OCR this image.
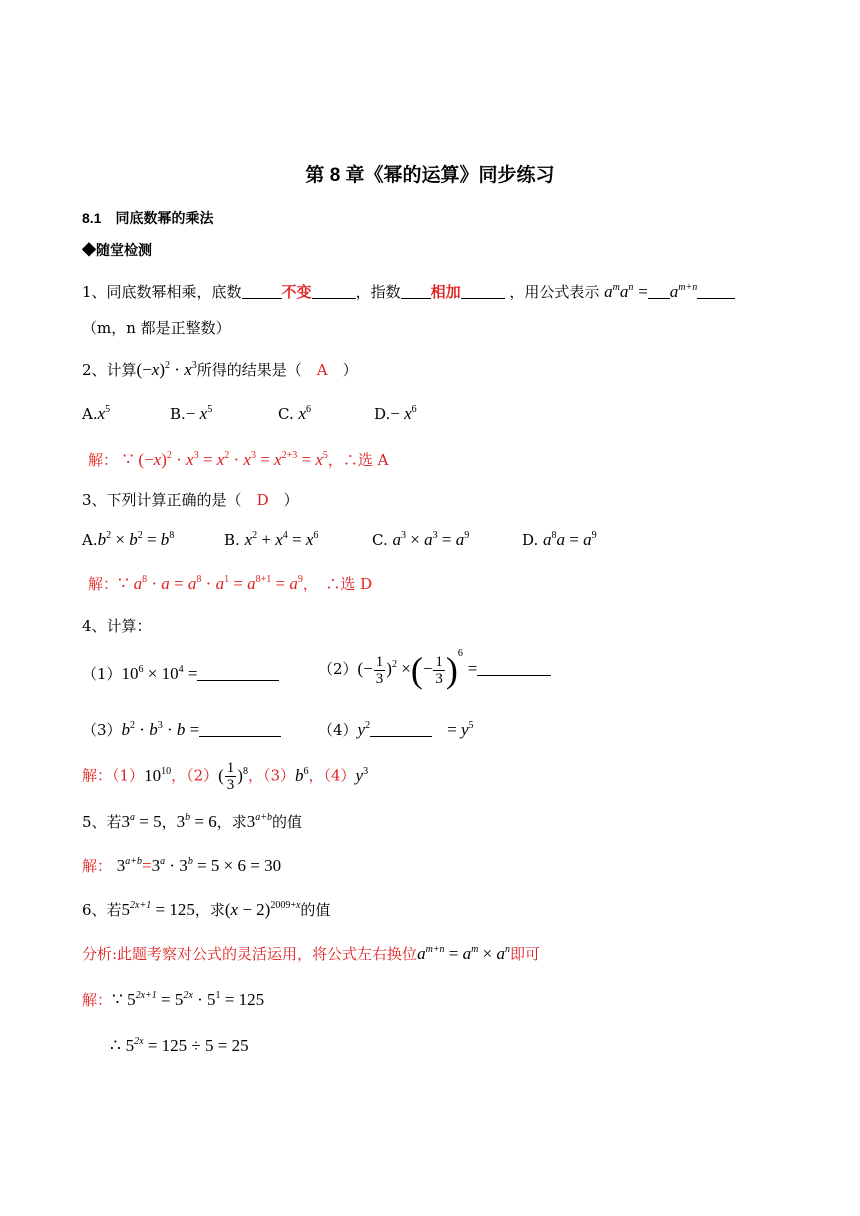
第 8 章《幂的运算》同步练习
8.1　同底数幂的乘法
◆随堂检测
1、同底数幂相乘，底数	不变	，指数 相加	，用公式表示 $a^ma^n = a^{m+n}$
（m，n 都是正整数）
2、计算$(-x)^2 \cdot x^3$所得的结果是（　 A　 ）
$A.x^5$	$B.- x^5$	C. $x^6$	$D.- x^6$
解： ∵ $(-x)^2 \cdot x^3 = x^2 \cdot x^3 = x^{2+3} = x^5$，∴选 A
3、下列计算正确的是（　 D　 ）
$A.b^2 \times b^2 = b^8$	B. $x^2 + x^4 = x^6$	C. $a^3 \times a^3 = a^9$	D. $a^8a = a^9$
解：∵ $a^8 \cdot a = a^8 \cdot a^1 = a^{8+1} = a^9$，　∴选 D
4、计算：
$(1)10^6 \times 10^4$ =	$(2)(- \frac{1}{3} )^2$ ×(− $\frac{1}{3} )^6$ =
$(3)b^2 \cdot b^3 \cdot b$ =	$(4)y^2$　	= $y^5$
解：$(1)10^{10}$，$(2)( \frac{1}{3} )^8$，$(3)b^6$，$(4)y^3$
5、若$3^a = 5$，$3^b = 6$，求$3^{a+b}$的值
解： $3^{a+b}=3^a \cdot 3^b = 5 \times 6 = 30$
6、若$5^{2x+1} = 125$，求$(x - 2)^{2009+x}$的值
分析:此题考察对公式的灵活运用，将公式左右换位$a^{m+n} = a^m \times a^n$即可
解：∵ $5^{2x+1} = 5^{2x} \cdot 5^1 = 125$
∴ $5^{2x} = 125 \div 5 = 25$
